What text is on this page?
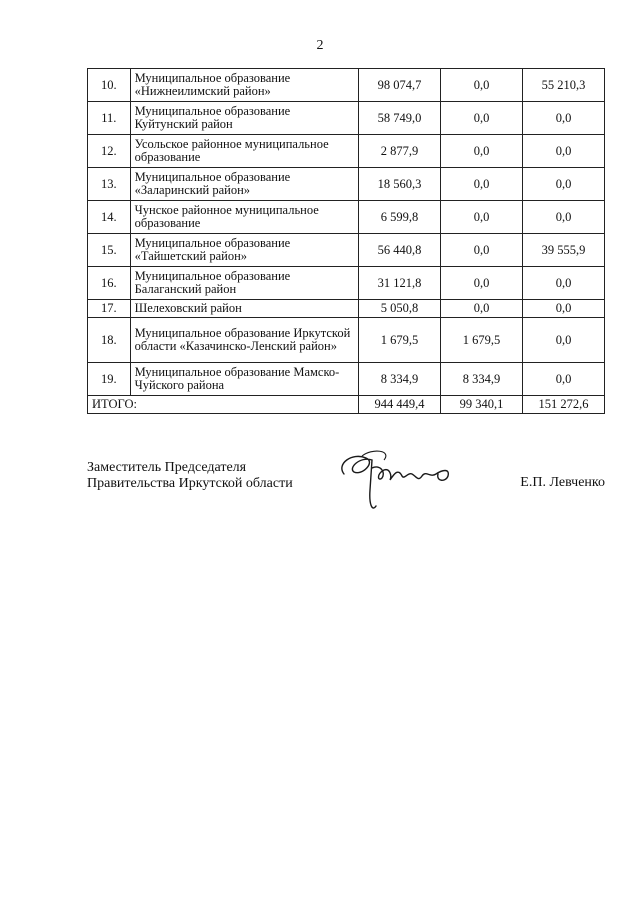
2
10.	Муниципальное образование «Нижнеилимский район»	98 074,7	0,0	55 210,3
11.	Муниципальное образование Куйтунский район	58 749,0	0,0	0,0
12.	Усольское районное муниципальное образование	2 877,9	0,0	0,0
13.	Муниципальное образование «Заларинский район»	18 560,3	0,0	0,0
14.	Чунское районное муниципальное образование	6 599,8	0,0	0,0
15.	Муниципальное образование «Тайшетский район»	56 440,8	0,0	39 555,9
16.	Муниципальное образование Балаганский район	31 121,8	0,0	0,0
17.	Шелеховский район	5 050,8	0,0	0,0
18.	Муниципальное образование Иркутской области «Казачинско-Ленский район»	1 679,5	1 679,5	0,0
19.	Муниципальное образование Мамско-Чуйского района	8 334,9	8 334,9	0,0
ИТОГО:		944 449,4	99 340,1	151 272,6
Заместитель Председателя
Правительства Иркутской области	Е.П. Левченко
